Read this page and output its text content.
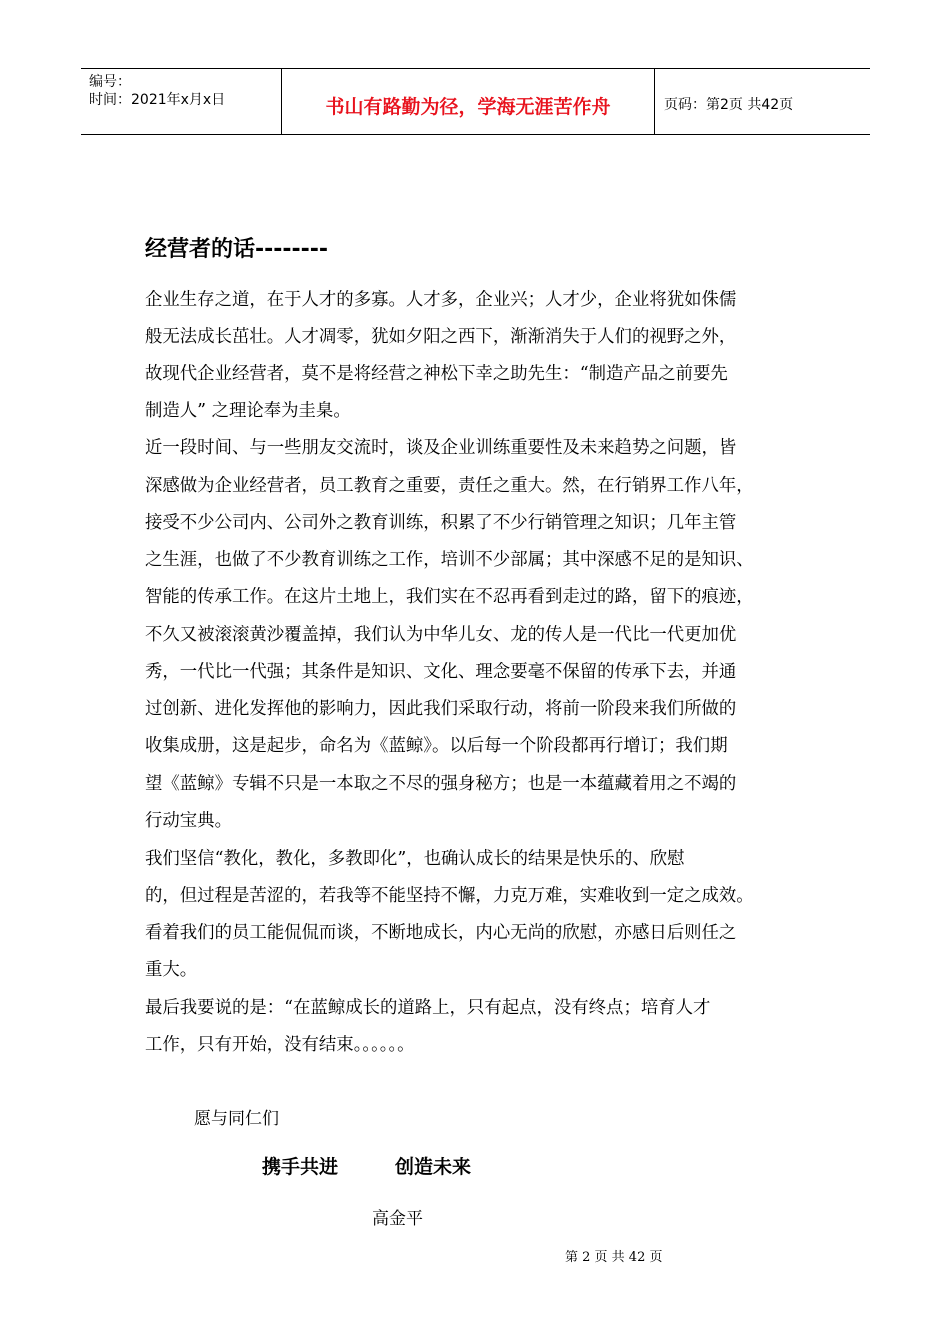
编号：
时间：2021年x月x日	书山有路勤为径，学海无涯苦作舟	页码：第2页 共42页
经营者的话--------
企业生存之道，在于人才的多寡。人才多，企业兴；人才少，企业将犹如侏儒
般无法成长茁壮。人才凋零，犹如夕阳之西下，渐渐消失于人们的视野之外，
故现代企业经营者，莫不是将经营之神松下幸之助先生：“制造产品之前要先
制造人” 之理论奉为圭臬。
近一段时间、与一些朋友交流时，谈及企业训练重要性及未来趋势之问题，皆
深感做为企业经营者，员工教育之重要，责任之重大。然，在行销界工作八年，
接受不少公司内、公司外之教育训练，积累了不少行销管理之知识；几年主管
之生涯，也做了不少教育训练之工作，培训不少部属；其中深感不足的是知识、
智能的传承工作。在这片土地上，我们实在不忍再看到走过的路，留下的痕迹，
不久又被滚滚黄沙覆盖掉，我们认为中华儿女、龙的传人是一代比一代更加优
秀，一代比一代强；其条件是知识、文化、理念要毫不保留的传承下去，并通
过创新、进化发挥他的影响力，因此我们采取行动，将前一阶段来我们所做的
收集成册，这是起步，命名为《蓝鲸》。以后每一个阶段都再行增订；我们期
望《蓝鲸》专辑不只是一本取之不尽的强身秘方；也是一本蕴藏着用之不竭的
行动宝典。
我们坚信“教化，教化，多教即化”，也确认成长的结果是快乐的、欣慰
的，但过程是苦涩的，若我等不能坚持不懈，力克万难，实难收到一定之成效。
看着我们的员工能侃侃而谈，不断地成长，内心无尚的欣慰，亦感日后则任之
重大。
最后我要说的是：“在蓝鲸成长的道路上，只有起点，没有终点；培育人才
工作，只有开始，没有结束。。。。。。
愿与同仁们
携手共进	创造未来
高金平
第 2 页 共 42 页
